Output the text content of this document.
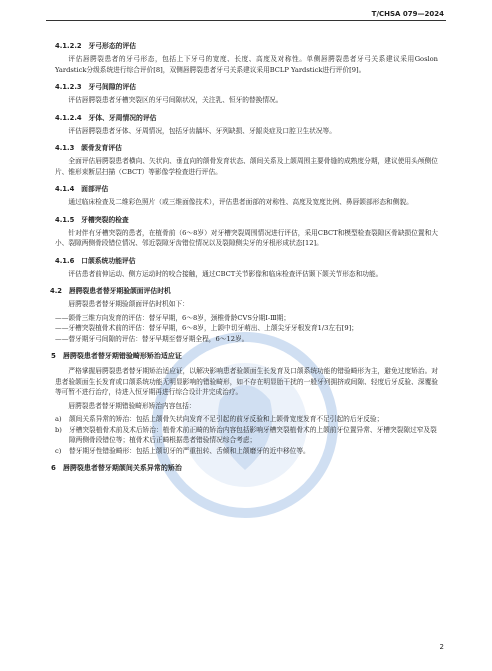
T/CHSA 079—2024
4.1.2.2　牙弓形态的评估

评估唇腭裂患者的牙弓形态，包括上下牙弓的宽度、长度、高度及对称性。单侧唇腭裂患者牙弓关系建议采用Goslon Yardstick分级系统进行综合评价[8]，双侧唇腭裂患者牙弓关系建议采用BCLP Yardstick进行评价[9]。

4.1.2.3　牙弓间隙的评估

评估唇腭裂患者牙槽突裂区的牙弓间隙状况，关注乳、恒牙的替换情况。

4.1.2.4　牙体、牙周情况的评估

评估唇腭裂患者牙体、牙周情况，包括牙齿龋坏、牙列缺损、牙龈炎症及口腔卫生状况等。

4.1.3　颌骨发育评估

全面评估唇腭裂患者横向、矢状向、垂直向的颌骨发育状态、颌间关系及上颌周围主要骨缝的成熟度分期，建议使用头颅侧位片、锥形束断层扫描（CBCT）等影像学检查进行评估。

4.1.4　面部评估

通过临床检查及二维彩色照片（或三维面像技术），评估患者面部的对称性、高度及宽度比例、鼻唇颌部形态和侧貌。

4.1.5　牙槽突裂的检查

针对伴有牙槽突裂的患者，在植骨前（6～8岁）对牙槽突裂周围情况进行评估，采用CBCT和模型检查裂隙区骨缺损位置和大小、裂隙两侧骨段错位情况、邻近裂隙牙齿错位情况以及裂隙侧尖牙的牙根形成状态[12]。

4.1.6　口颌系统功能评估

评估患者前伸运动、侧方运动时的咬合接触，通过CBCT关节影像和临床检查评估颞下颌关节形态和功能。

4.2　唇腭裂患者替牙期验颌面评估时机

唇腭裂患者替牙期验颌面评估时机如下：

——颌骨三维方向发育的评估：替牙早期，6～8岁，颈椎骨龄CVS分期Ⅰ-Ⅲ期；

——牙槽突裂植骨术前的评估：替牙早期，6～8岁，上颌中切牙萌出、上颌尖牙牙根发育1/3左右[9]；

——替牙期牙弓间隙的评估：替牙早期至替牙期全程，6～12岁。

5　唇腭裂患者替牙期错验畸形矫治适应证

严格掌握唇腭裂患者替牙期矫治适应证，以解决影响患者验颌面生长发育及口颌系统功能的错验畸形为主，避免过度矫治。对患者验颌面生长发育或口颌系统功能无明显影响的错验畸形，如不存在明显胎干扰的一般牙列拥挤或间隙、轻度后牙反验、深覆验等可暂不进行治疗，待进入恒牙期再进行综合设计并完成治疗。

唇腭裂患者替牙期错验畸形矫治内容包括：

a)	颌间关系异常的矫治：包括上颌骨矢状向发育不足引起的前牙反验和上颌骨宽度发育不足引起的后牙反验；
b)	牙槽突裂植骨术前及术后矫治：植骨术前正畸的矫治内容包括影响牙槽突裂植骨术的上颌前牙位置异常、牙槽突裂隙过窄及裂隙两侧骨段错位等；植骨术后正畸根据患者错验情况综合考虑；
c)	替牙期牙性错验畸形：包括上颌切牙的严重扭转、舌倾和上颌磨牙的近中移位等。
6　唇腭裂患者替牙期颌间关系异常的矫治
2
